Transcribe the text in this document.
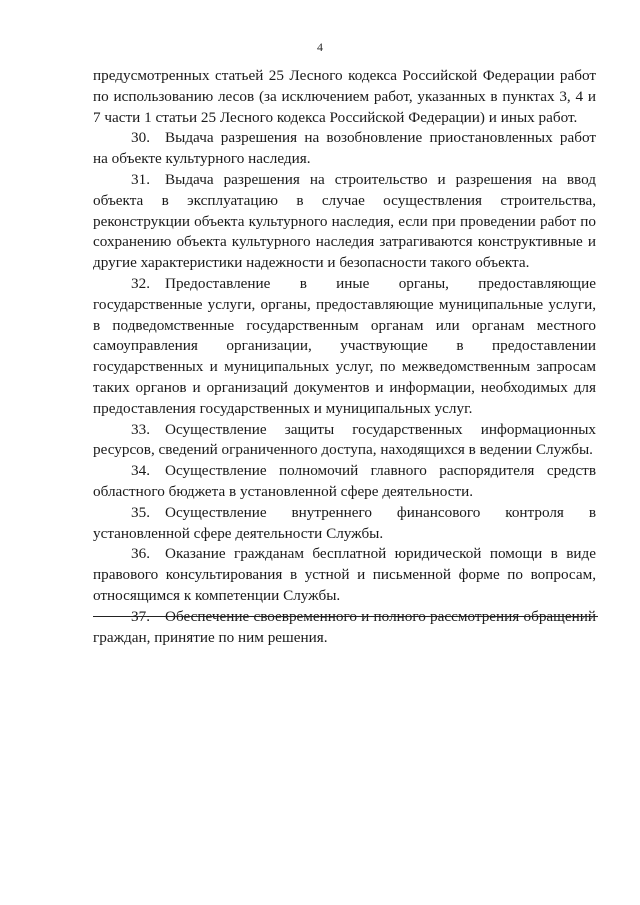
4

предусмотренных статьей 25 Лесного кодекса Российской Федерации работ по использованию лесов (за исключением работ, указанных в пунктах 3, 4 и 7 части 1 статьи 25 Лесного кодекса Российской Федерации) и иных работ.

30. Выдача разрешения на возобновление приостановленных работ на объекте культурного наследия.

31. Выдача разрешения на строительство и разрешения на ввод объекта в эксплуатацию в случае осуществления строительства, реконструкции объекта культурного наследия, если при проведении работ по сохранению объекта культурного наследия затрагиваются конструктивные и другие характеристики надежности и безопасности такого объекта.

32. Предоставление в иные органы, предоставляющие государственные услуги, органы, предоставляющие муниципальные услуги, в подведомственные государственным органам или органам местного самоуправления организации, участвующие в предоставлении государственных и муниципальных услуг, по межведомственным запросам таких органов и организаций документов и информации, необходимых для предоставления государственных и муниципальных услуг.

33. Осуществление защиты государственных информационных ресурсов, сведений ограниченного доступа, находящихся в ведении Службы.

34. Осуществление полномочий главного распорядителя средств областного бюджета в установленной сфере деятельности.

35. Осуществление внутреннего финансового контроля в установленной сфере деятельности Службы.

36. Оказание гражданам бесплатной юридической помощи в виде правового консультирования в устной и письменной форме по вопросам, относящимся к компетенции Службы.

37. Обеспечение своевременного и полного рассмотрения обращений граждан, принятие по ним решения.
